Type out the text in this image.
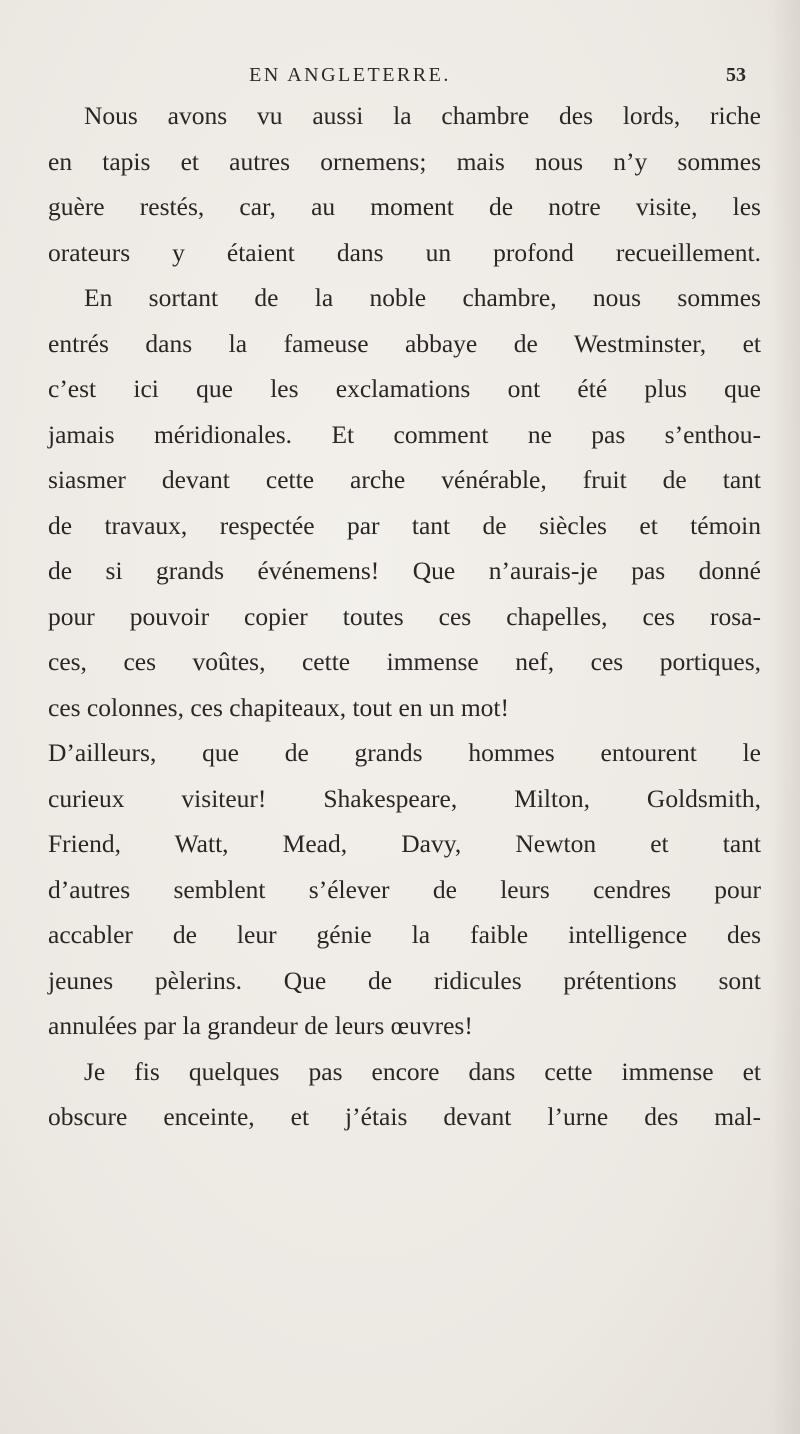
EN ANGLETERRE.	53
Nous avons vu aussi la chambre des lords, riche
en tapis et autres ornemens; mais nous n’y sommes
guère restés, car, au moment de notre visite, les
orateurs y étaient dans un profond recueillement.
En sortant de la noble chambre, nous sommes
entrés dans la fameuse abbaye de Westminster, et
c’est ici que les exclamations ont été plus que
jamais méridionales. Et comment ne pas s’enthou-
siasmer devant cette arche vénérable, fruit de tant
de travaux, respectée par tant de siècles et témoin
de si grands événemens! Que n’aurais-je pas donné
pour pouvoir copier toutes ces chapelles, ces rosa-
ces, ces voûtes, cette immense nef, ces portiques,
ces colonnes, ces chapiteaux, tout en un mot!
D’ailleurs, que de grands hommes entourent le
curieux visiteur! Shakespeare, Milton, Goldsmith,
Friend, Watt, Mead, Davy, Newton et tant
d’autres semblent s’élever de leurs cendres pour
accabler de leur génie la faible intelligence des
jeunes pèlerins. Que de ridicules prétentions sont
annulées par la grandeur de leurs œuvres!
Je fis quelques pas encore dans cette immense et
obscure enceinte, et j’étais devant l’urne des mal-
